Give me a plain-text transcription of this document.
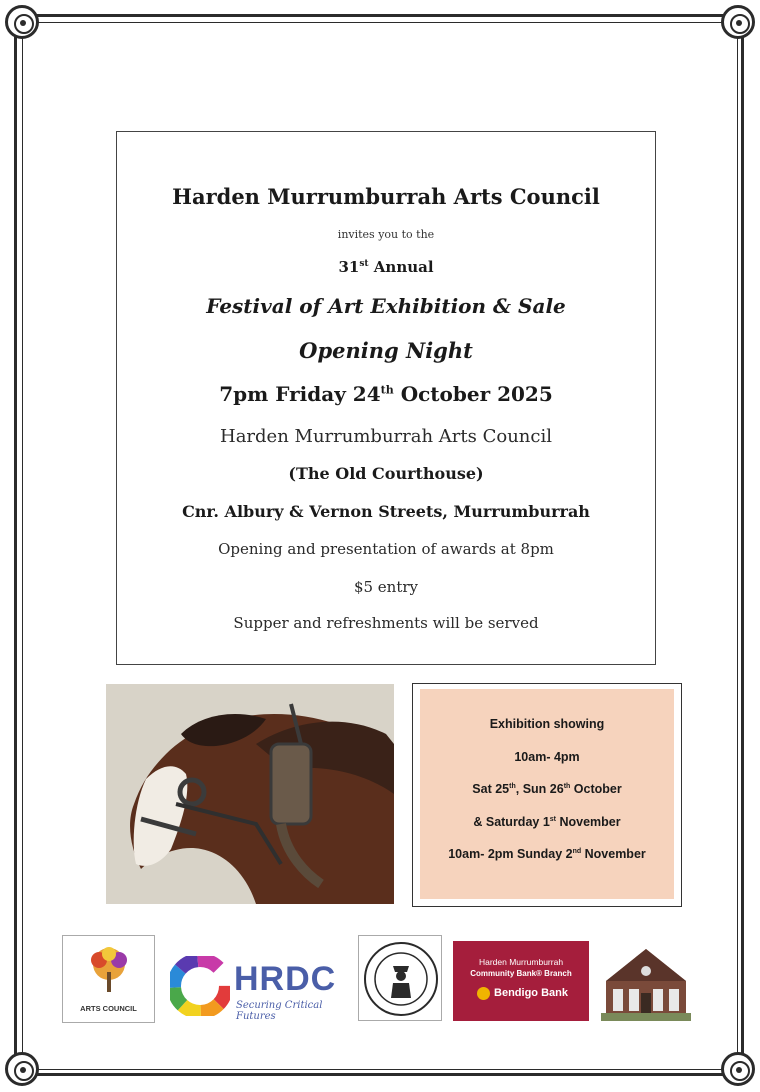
Harden Murrumburrah Arts Council
invites you to the
31st Annual
Festival of Art Exhibition & Sale
Opening Night
7pm Friday 24th October 2025
Harden Murrumburrah Arts Council
(The Old Courthouse)
Cnr. Albury & Vernon Streets, Murrumburrah
Opening and presentation of awards at 8pm
$5 entry
Supper and refreshments will be served
Exhibition showing
10am- 4pm
Sat 25th, Sun 26th October
& Saturday 1st November
10am- 2pm Sunday 2nd November
ARTS COUNCIL
HRDC
Securing Critical Futures
Harden Murrumburrah
Community Bank® Branch
Bendigo Bank
